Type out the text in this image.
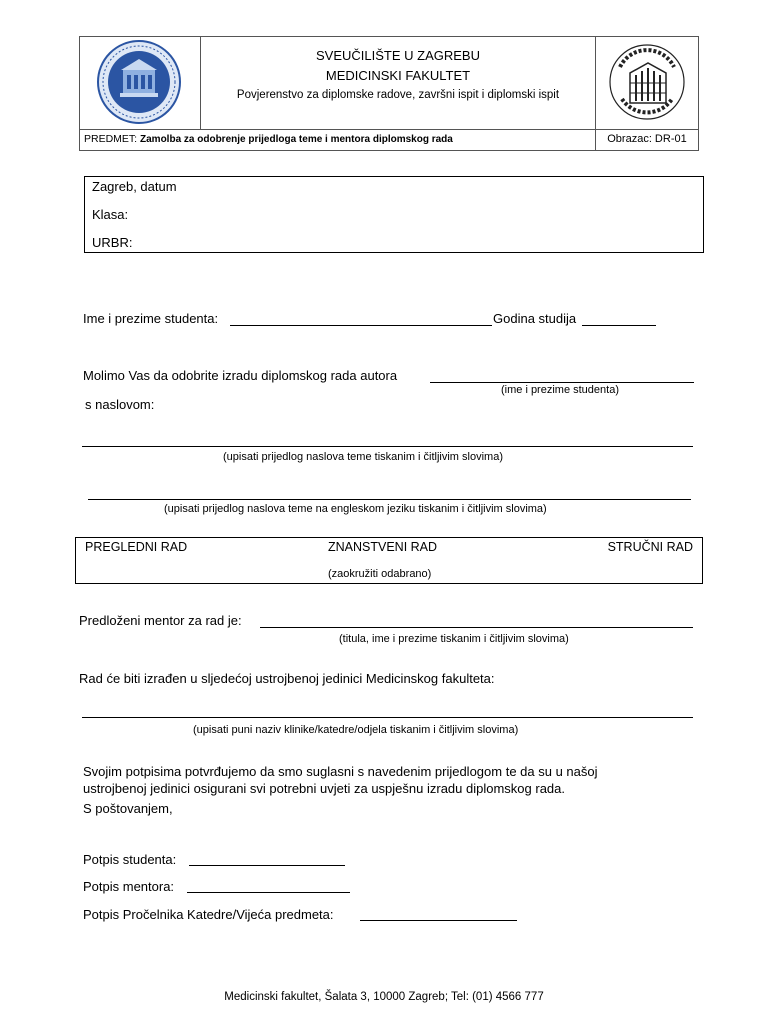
SVEUČILIŠTE U ZAGREBU
MEDICINSKI FAKULTET
Povjerenstvo za diplomske radove, završni ispit i diplomski ispit
PREDMET: Zamolba za odobrenje prijedloga teme i mentora diplomskog rada	Obrazac: DR-01
Zagreb, datum
Klasa:
URBR:
Ime i prezime studenta:	Godina studija
Molimo Vas da odobrite izradu diplomskog rada autora
(ime i prezime studenta)
s naslovom:
(upisati prijedlog naslova teme tiskanim i čitljivim slovima)
(upisati prijedlog naslova teme na engleskom jeziku tiskanim i čitljivim slovima)
PREGLEDNI RAD	ZNANSTVENI RAD	STRUČNI RAD
(zaokružiti odabrano)
Predloženi mentor za rad je:
(titula, ime i prezime tiskanim i čitljivim slovima)
Rad će biti izrađen u sljedećoj ustrojbenoj jedinici Medicinskog fakulteta:
(upisati puni naziv klinike/katedre/odjela tiskanim i čitljivim slovima)
Svojim potpisima potvrđujemo da smo suglasni s navedenim prijedlogom te da su u našoj
ustrojbenoj jedinici osigurani svi potrebni uvjeti za uspješnu izradu diplomskog rada.
S poštovanjem,
Potpis studenta:
Potpis mentora:
Potpis Pročelnika Katedre/Vijeća predmeta:
Medicinski fakultet, Šalata 3, 10000 Zagreb; Tel: (01) 4566 777
